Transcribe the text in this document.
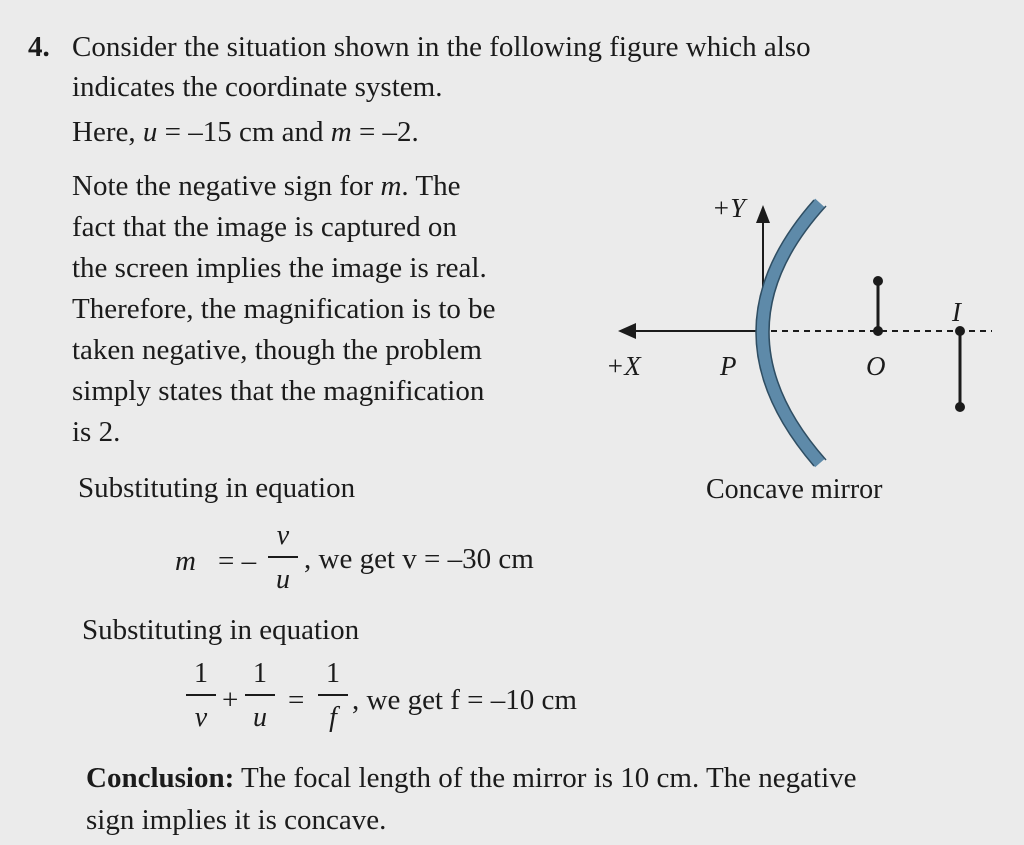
4. Consider the situation shown in the following figure which also
indicates the coordinate system.
Here, u = –15 cm and m = –2.
Note the negative sign for m. The
fact that the image is captured on
the screen implies the image is real.
Therefore, the magnification is to be
taken negative, though the problem
simply states that the magnification
is 2.
+Y
+X	P	O
I
Concave mirror
Substituting in equation
m = –
v
u
, we get v = –30 cm
Substituting in equation
1
v
+
1
u
=
1
f
, we get f = –10 cm
Conclusion: The focal length of the mirror is 10 cm. The negative
sign implies it is concave.
